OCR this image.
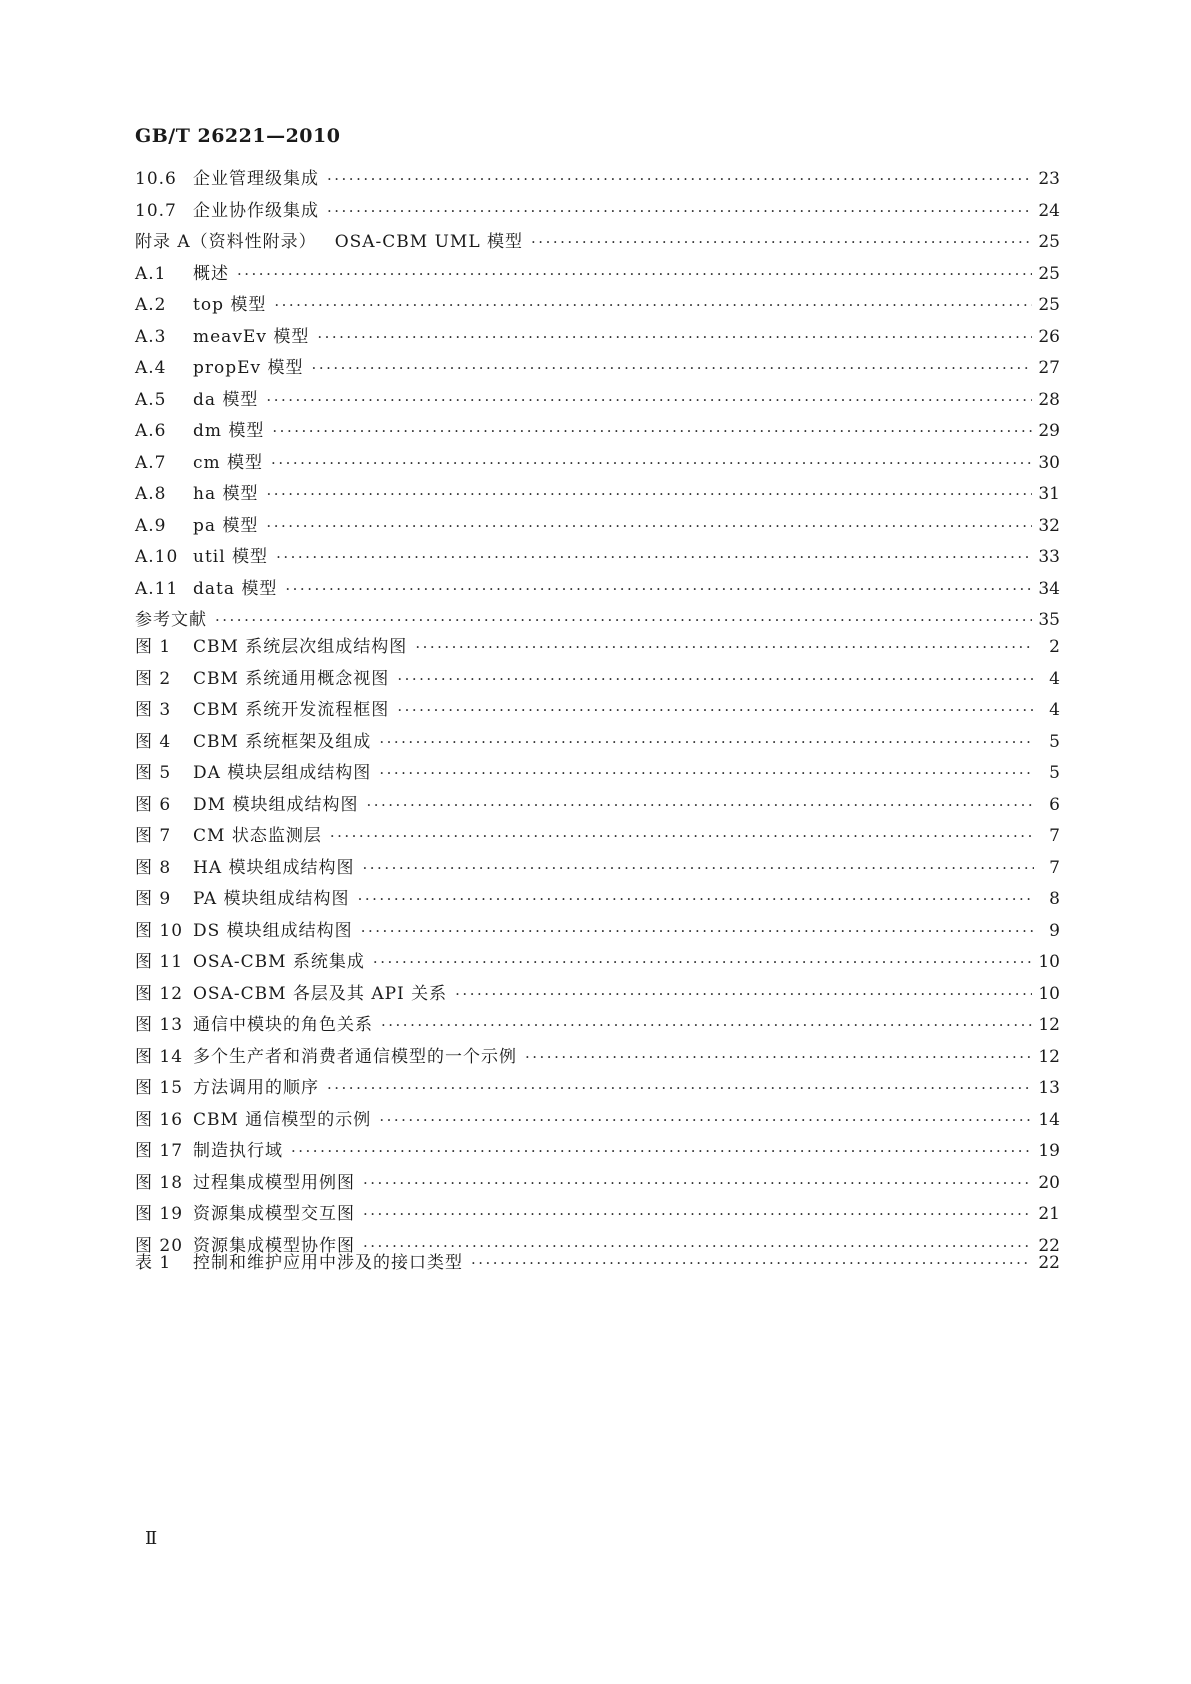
GB/T 26221—2010
10.6 企业管理级集成 ·····	23
10.7 企业协作级集成 ·····	24
附录 A（资料性附录） OSA-CBM UML 模型 ·····	25
A.1	概述 ·····	25
A.2	top 模型 ·····	25
A.3	meavEv 模型 ·····	26
A.4	propEv 模型 ·····	27
A.5	da 模型 ·····	28
A.6	dm 模型 ·····	29
A.7	cm 模型 ·····	30
A.8	ha 模型 ·····	31
A.9	pa 模型 ·····	32
A.10 util 模型 ·····	33
A.11 data 模型 ·····	34
参考文献 ·····	35
图 1	CBM 系统层次组成结构图 ·····	2
图 2	CBM 系统通用概念视图 ·····	4
图 3	CBM 系统开发流程框图 ·····	4
图 4	CBM 系统框架及组成 ·····	5
图 5	DA 模块层组成结构图 ·····	5
图 6	DM 模块组成结构图 ·····	6
图 7	CM 状态监测层 ·····	7
图 8	HA 模块组成结构图 ·····	7
图 9	PA 模块组成结构图 ·····	8
图 10 DS 模块组成结构图 ·····	9
图 11 OSA-CBM 系统集成 ·····	10
图 12 OSA-CBM 各层及其 API 关系 ·····	10
图 13 通信中模块的角色关系 ·····	12
图 14 多个生产者和消费者通信模型的一个示例 ·····	12
图 15 方法调用的顺序 ·····	13
图 16 CBM 通信模型的示例 ·····	14
图 17 制造执行域 ·····	19
图 18 过程集成模型用例图 ·····	20
图 19 资源集成模型交互图 ·····	21
图 20 资源集成模型协作图 ·····	22
表 1	控制和维护应用中涉及的接口类型 ·····	22
Ⅱ
